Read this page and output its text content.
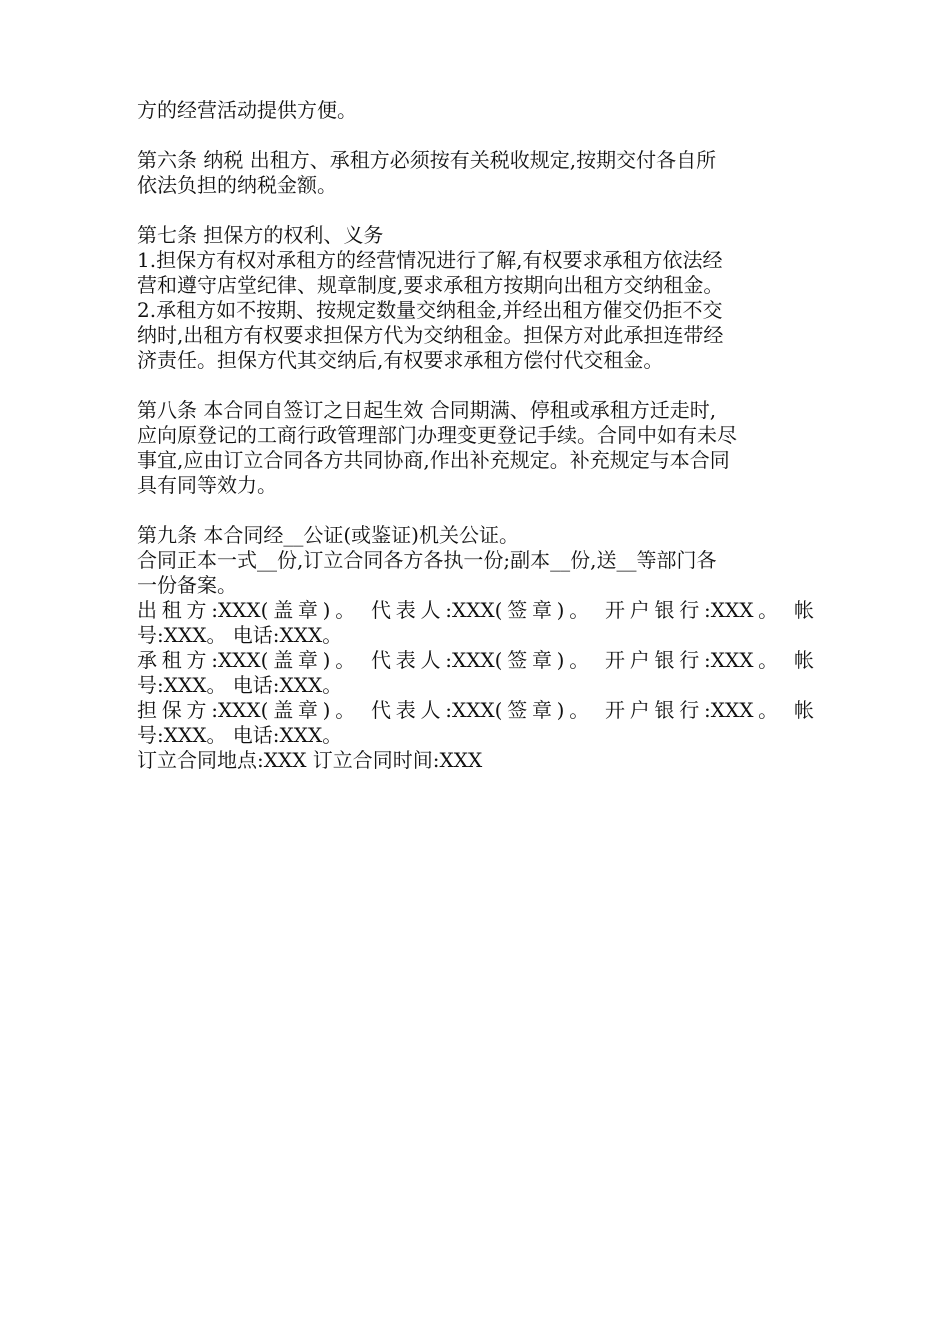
方的经营活动提供方便。
第六条 纳税 出租方、承租方必须按有关税收规定,按期交付各自所
依法负担的纳税金额。
第七条 担保方的权利、义务
1.担保方有权对承租方的经营情况进行了解,有权要求承租方依法经
营和遵守店堂纪律、规章制度,要求承租方按期向出租方交纳租金。
2.承租方如不按期、按规定数量交纳租金,并经出租方催交仍拒不交
纳时,出租方有权要求担保方代为交纳租金。担保方对此承担连带经
济责任。担保方代其交纳后,有权要求承租方偿付代交租金。
第八条 本合同自签订之日起生效 合同期满、停租或承租方迁走时,
应向原登记的工商行政管理部门办理变更登记手续。合同中如有未尽
事宜,应由订立合同各方共同协商,作出补充规定。补充规定与本合同
具有同等效力。
第九条 本合同经__公证(或鉴证)机关公证。
合同正本一式__份,订立合同各方各执一份;副本__份,送__等部门各
一份备案。
出租方:XXX(盖章)。 代表人:XXX(签章)。 开户银行:XXX。 帐
号:XXX。 电话:XXX。
承租方:XXX(盖章)。 代表人:XXX(签章)。 开户银行:XXX。 帐
号:XXX。 电话:XXX。
担保方:XXX(盖章)。 代表人:XXX(签章)。 开户银行:XXX。 帐
号:XXX。 电话:XXX。
订立合同地点:XXX 订立合同时间:XXX
